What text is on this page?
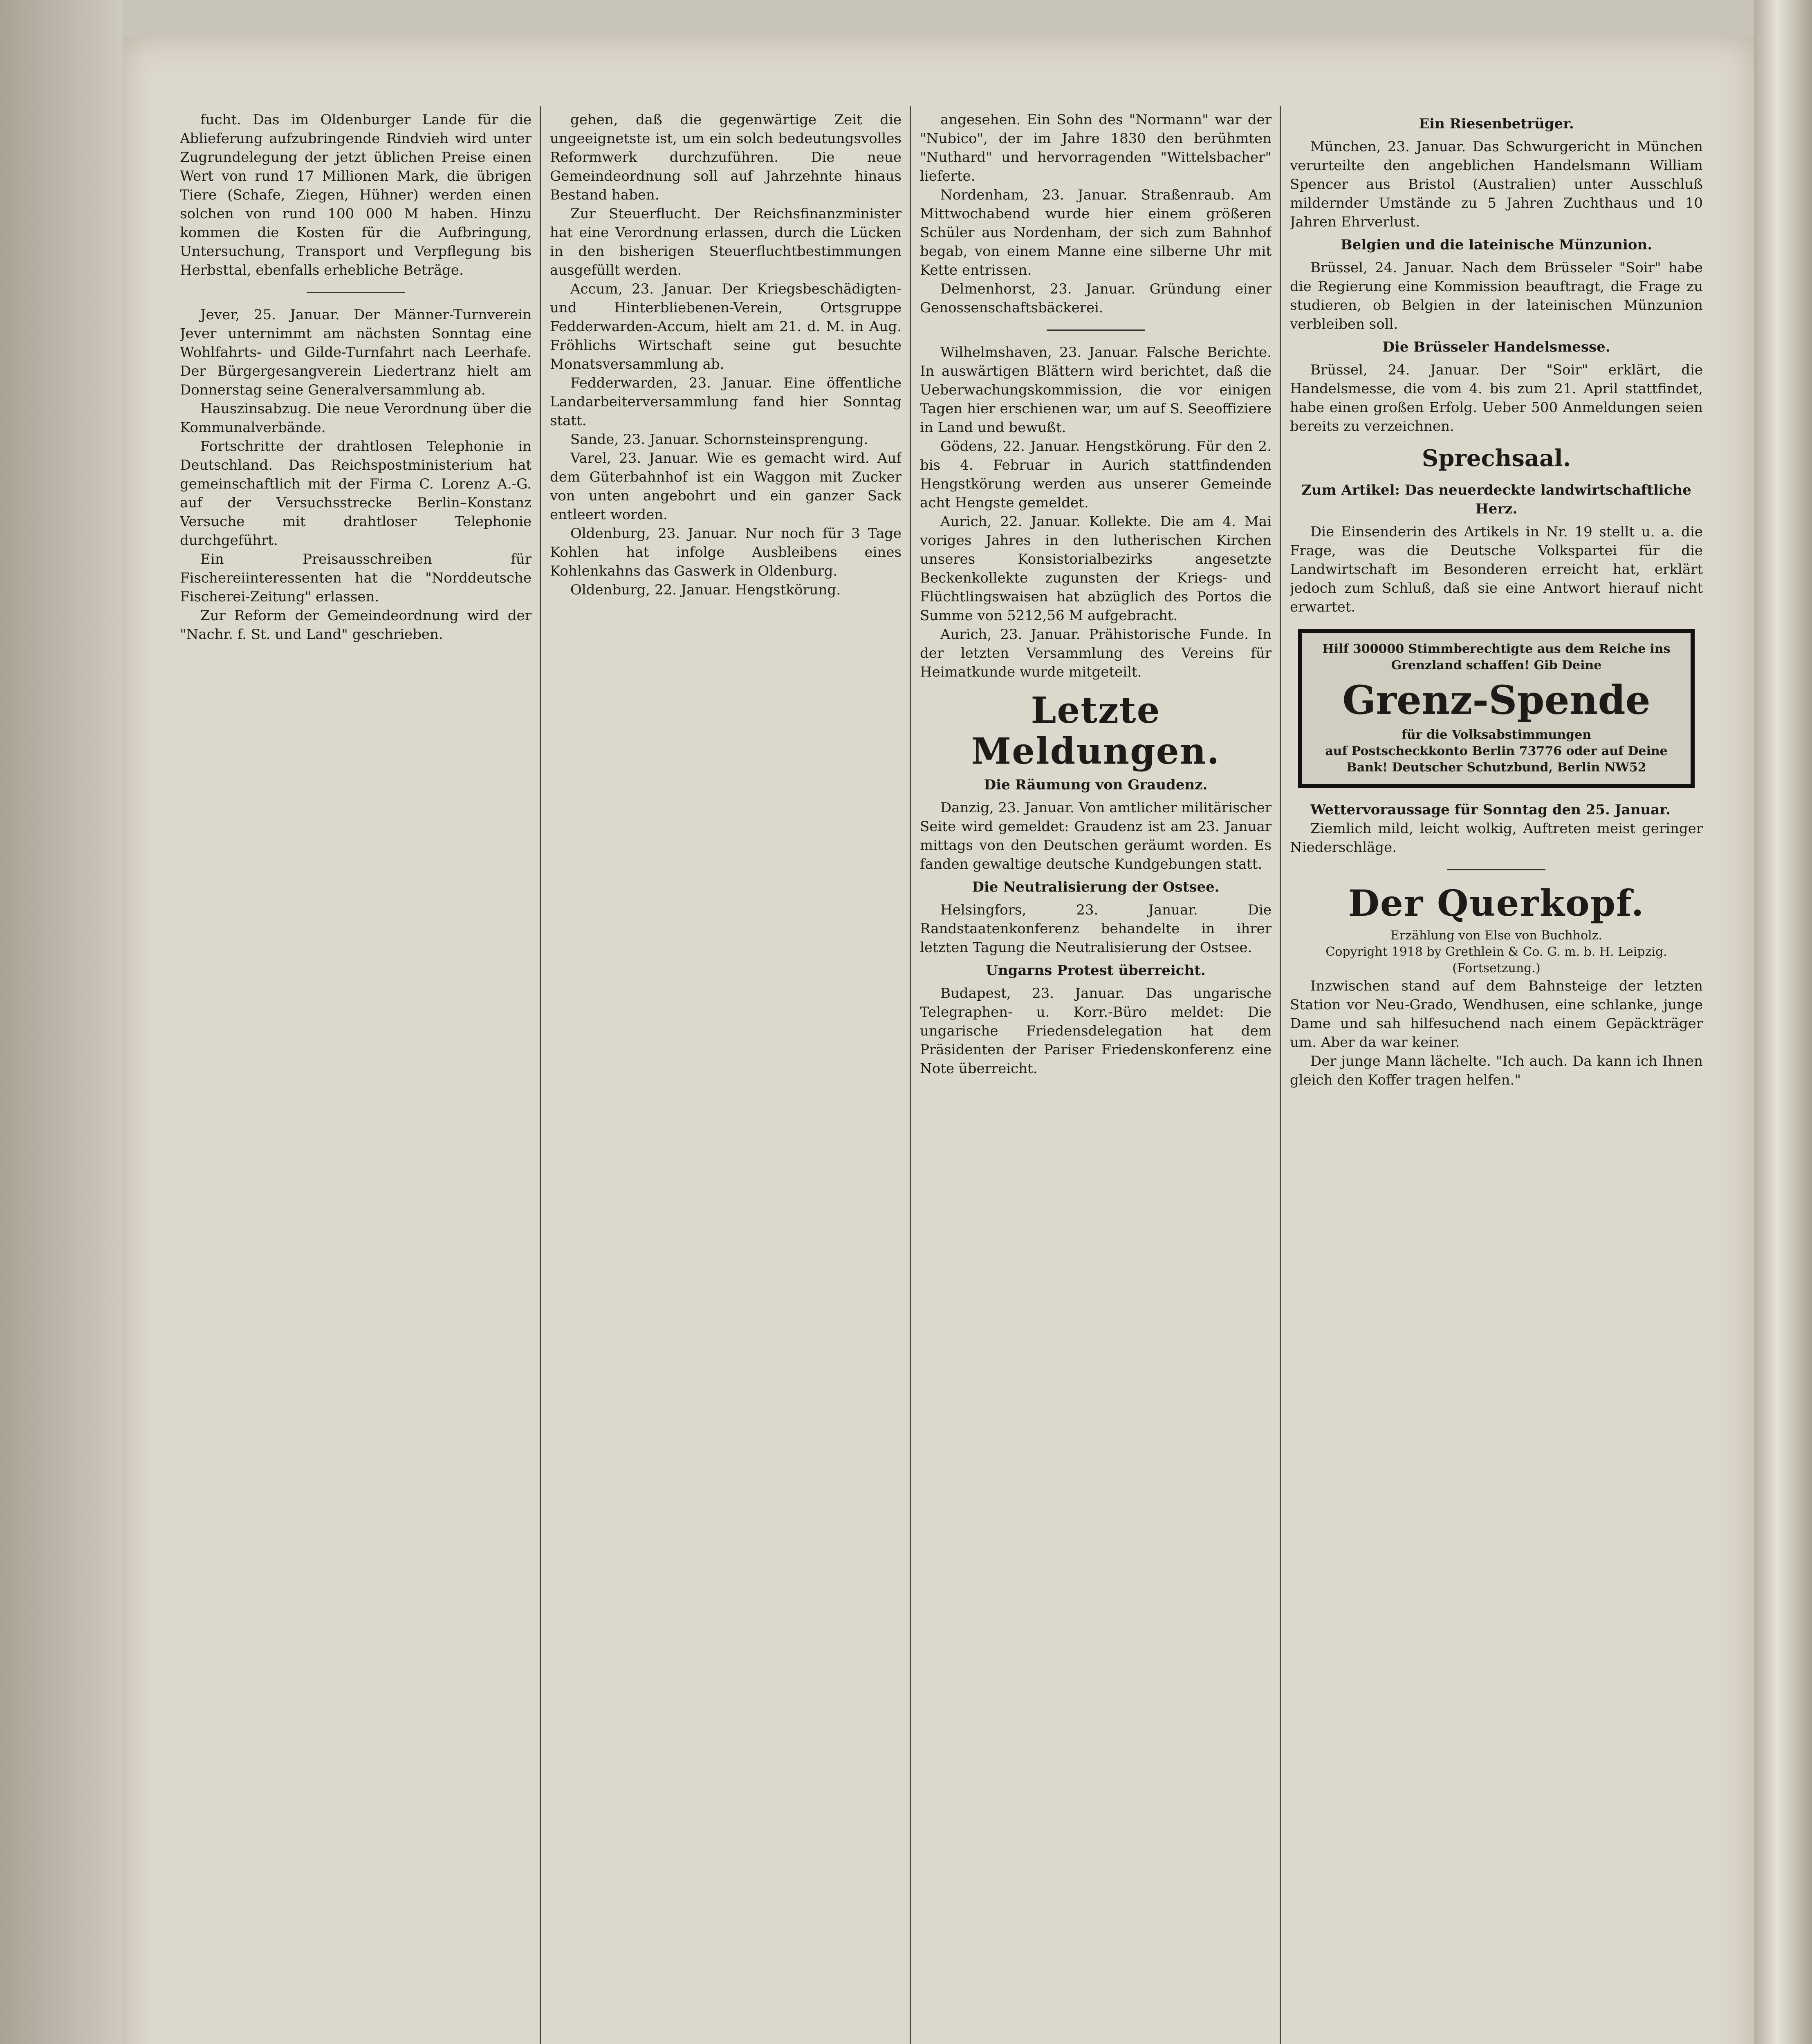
fucht. Das im Oldenburger Lande für die Ablieferung aufzubringende Rindvieh wird unter Zugrundelegung der jetzt üblichen Preise einen Wert von rund 17 Millionen Mark, die übrigen Tiere (Schafe, Ziegen, Hühner) werden einen solchen von rund 100 000 M haben. Hinzu kommen die Kosten für die Aufbringung, Untersuchung, Transport und Verpflegung bis Herbsttal, ebenfalls erhebliche Beträge.

Jever, 25. Januar. Der Männer-Turnverein Jever unternimmt am nächsten Sonntag eine Wohlfahrts- und Gilde-Turnfahrt nach Leerhafe. Der Bürgergesangverein Liedertranz hielt am Donnerstag seine Generalversammlung ab.

Hauszinsabzug. Die neue Verordnung über die Kommunalverbände.

Fortschritte der drahtlosen Telephonie in Deutschland. Das Reichspostministerium hat gemeinschaftlich mit der Firma C. Lorenz A.-G. auf der Versuchsstrecke Berlin–Konstanz Versuche mit drahtloser Telephonie durchgeführt.

Ein Preisausschreiben für Fischereiinteressenten hat die "Norddeutsche Fischerei-Zeitung" erlassen.

Zur Reform der Gemeindeordnung wird der "Nachr. f. St. und Land" geschrieben.

gehen, daß die gegenwärtige Zeit die ungeeignetste ist, um ein solch bedeutungsvolles Reformwerk durchzuführen. Die neue Gemeindeordnung soll auf Jahrzehnte hinaus Bestand haben.

Zur Steuerflucht. Der Reichsfinanzminister hat eine Verordnung erlassen, durch die Lücken in den bisherigen Steuerfluchtbestimmungen ausgefüllt werden.

Accum, 23. Januar. Der Kriegsbeschädigten- und Hinterbliebenen-Verein, Ortsgruppe Fedderwarden-Accum, hielt am 21. d. M. in Aug. Fröhlichs Wirtschaft seine gut besuchte Monatsversammlung ab.

Fedderwarden, 23. Januar. Eine öffentliche Landarbeiterversammlung fand hier Sonntag statt.

Sande, 23. Januar. Schornsteinsprengung.

Varel, 23. Januar. Wie es gemacht wird. Auf dem Güterbahnhof ist ein Waggon mit Zucker von unten angebohrt und ein ganzer Sack entleert worden.

Oldenburg, 23. Januar. Nur noch für 3 Tage Kohlen hat infolge Ausbleibens eines Kohlenkahns das Gaswerk in Oldenburg.

Oldenburg, 22. Januar. Hengstkörung.

angesehen. Ein Sohn des "Normann" war der "Nubico", der im Jahre 1830 den berühmten "Nuthard" und hervorragenden "Wittelsbacher" lieferte.

Nordenham, 23. Januar. Straßenraub. Am Mittwochabend wurde hier einem größeren Schüler aus Nordenham, der sich zum Bahnhof begab, von einem Manne eine silberne Uhr mit Kette entrissen.

Delmenhorst, 23. Januar. Gründung einer Genossenschaftsbäckerei.

Wilhelmshaven, 23. Januar. Falsche Berichte. In auswärtigen Blättern wird berichtet, daß die Ueberwachungskommission, die vor einigen Tagen hier erschienen war, um auf S. Seeoffiziere in Land und bewußt.

Gödens, 22. Januar. Hengstkörung. Für den 2. bis 4. Februar in Aurich stattfindenden Hengstkörung werden aus unserer Gemeinde acht Hengste gemeldet.

Aurich, 22. Januar. Kollekte. Die am 4. Mai voriges Jahres in den lutherischen Kirchen unseres Konsistorialbezirks angesetzte Beckenkollekte zugunsten der Kriegs- und Flüchtlingswaisen hat abzüglich des Portos die Summe von 5212,56 M aufgebracht.

Aurich, 23. Januar. Prähistorische Funde. In der letzten Versammlung des Vereins für Heimatkunde wurde mitgeteilt.

Letzte Meldungen.
Die Räumung von Graudenz.

Danzig, 23. Januar. Von amtlicher militärischer Seite wird gemeldet: Graudenz ist am 23. Januar mittags von den Deutschen geräumt worden. Es fanden gewaltige deutsche Kundgebungen statt.

Die Neutralisierung der Ostsee.

Helsingfors, 23. Januar. Die Randstaatenkonferenz behandelte in ihrer letzten Tagung die Neutralisierung der Ostsee.

Ungarns Protest überreicht.

Budapest, 23. Januar. Das ungarische Telegraphen- u. Korr.-Büro meldet: Die ungarische Friedensdelegation hat dem Präsidenten der Pariser Friedenskonferenz eine Note überreicht.

Ein Riesenbetrüger.

München, 23. Januar. Das Schwurgericht in München verurteilte den angeblichen Handelsmann William Spencer aus Bristol (Australien) unter Ausschluß mildernder Umstände zu 5 Jahren Zuchthaus und 10 Jahren Ehrverlust.

Belgien und die lateinische Münzunion.

Brüssel, 24. Januar. Nach dem Brüsseler "Soir" habe die Regierung eine Kommission beauftragt, die Frage zu studieren, ob Belgien in der lateinischen Münzunion verbleiben soll.

Die Brüsseler Handelsmesse.

Brüssel, 24. Januar. Der "Soir" erklärt, die Handelsmesse, die vom 4. bis zum 21. April stattfindet, habe einen großen Erfolg. Ueber 500 Anmeldungen seien bereits zu verzeichnen.

Sprechsaal.
Zum Artikel: Das neuerdeckte landwirtschaftliche Herz.

Die Einsenderin des Artikels in Nr. 19 stellt u. a. die Frage, was die Deutsche Volkspartei für die Landwirtschaft im Besonderen erreicht hat, erklärt jedoch zum Schluß, daß sie eine Antwort hierauf nicht erwartet.

Hilf 300000 Stimmberechtigte aus dem Reiche ins Grenzland schaffen! Gib Deine
Grenz-Spende
für die Volksabstimmungen
auf Postscheckkonto Berlin 73776 oder auf Deine Bank! Deutscher Schutzbund, Berlin NW52

Wettervoraussage für Sonntag den 25. Januar.

Ziemlich mild, leicht wolkig, Auftreten meist geringer Niederschläge.

Der Querkopf.
Erzählung von Else von Buchholz.
Copyright 1918 by Grethlein & Co. G. m. b. H. Leipzig.
(Fortsetzung.)

Inzwischen stand auf dem Bahnsteige der letzten Station vor Neu-Grado, Wendhusen, eine schlanke, junge Dame und sah hilfesuchend nach einem Gepäckträger um. Aber da war keiner.

Der junge Mann lächelte. "Ich auch. Da kann ich Ihnen gleich den Koffer tragen helfen."
